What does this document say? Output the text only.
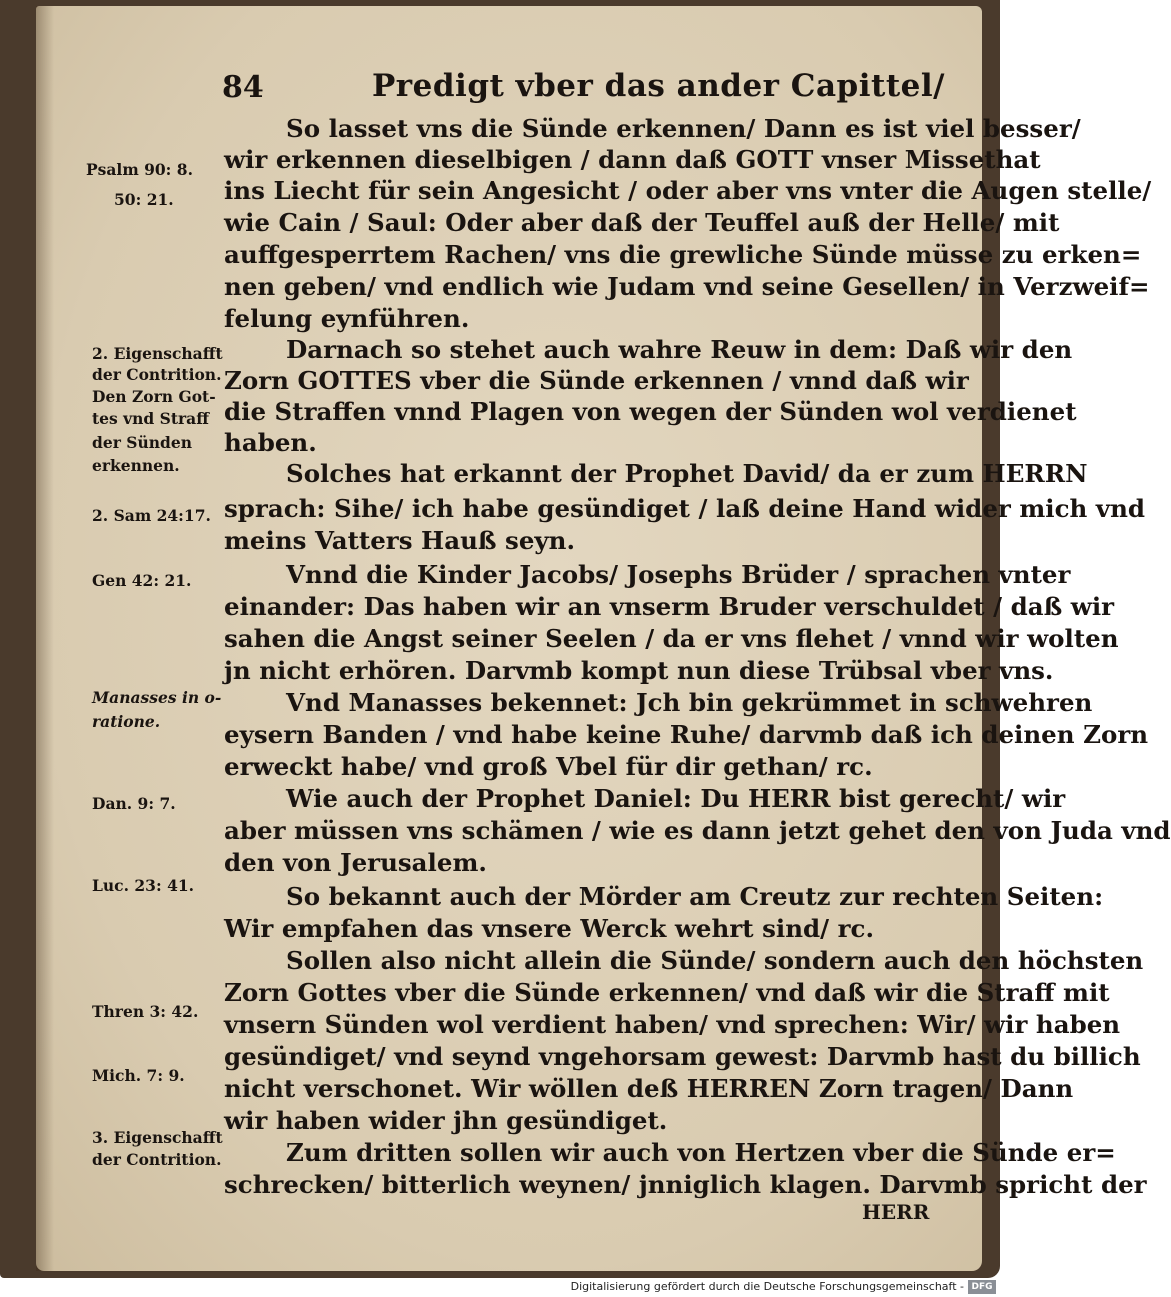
84	Predigt vber das ander Capittel/
So lasset vns die Sünde erkennen/ Dann es ist viel besser/
wir erkennen dieselbigen / dann daß GOTT vnser Missethat
ins Liecht für sein Angesicht / oder aber vns vnter die Augen stelle/
wie Cain / Saul: Oder aber daß der Teuffel auß der Helle/ mit
auffgesperrtem Rachen/ vns die grewliche Sünde müsse zu erken=
nen geben/ vnd endlich wie Judam vnd seine Gesellen/ in Verzweif=
felung eynführen.
Darnach so stehet auch wahre Reuw in dem: Daß wir den
Zorn GOTTES vber die Sünde erkennen / vnnd daß wir
die Straffen vnnd Plagen von wegen der Sünden wol verdienet
haben.
Solches hat erkannt der Prophet David/ da er zum HERRN
sprach: Sihe/ ich habe gesündiget / laß deine Hand wider mich vnd
meins Vatters Hauß seyn.
Vnnd die Kinder Jacobs/ Josephs Brüder / sprachen vnter
einander: Das haben wir an vnserm Bruder verschuldet / daß wir
sahen die Angst seiner Seelen / da er vns flehet / vnnd wir wolten
jn nicht erhören. Darvmb kompt nun diese Trübsal vber vns.
Vnd Manasses bekennet: Jch bin gekrümmet in schwehren
eysern Banden / vnd habe keine Ruhe/ darvmb daß ich deinen Zorn
erweckt habe/ vnd groß Vbel für dir gethan/ rc.
Wie auch der Prophet Daniel: Du HERR bist gerecht/ wir
aber müssen vns schämen / wie es dann jetzt gehet den von Juda vnd
den von Jerusalem.
So bekannt auch der Mörder am Creutz zur rechten Seiten:
Wir empfahen das vnsere Werck wehrt sind/ rc.
Sollen also nicht allein die Sünde/ sondern auch den höchsten
Zorn Gottes vber die Sünde erkennen/ vnd daß wir die Straff mit
vnsern Sünden wol verdient haben/ vnd sprechen: Wir/ wir haben
gesündiget/ vnd seynd vngehorsam gewest: Darvmb hast du billich
nicht verschonet. Wir wöllen deß HERREN Zorn tragen/ Dann
wir haben wider jhn gesündiget.
Zum dritten sollen wir auch von Hertzen vber die Sünde er=
schrecken/ bitterlich weynen/ jnniglich klagen. Darvmb spricht der
HERR
Psalm 90: 8.
50: 21.
2. Eigenschafft
der Contrition.
Den Zorn Got-
tes vnd Straff
der Sünden
erkennen.
2. Sam 24:17.
Gen 42: 21.
Manasses in o-
ratione.
Dan. 9: 7.
Luc. 23: 41.
Thren 3: 42.
Mich. 7: 9.
3. Eigenschafft
der Contrition.
Digitalisierung gefördert durch die Deutsche Forschungsgemeinschaft - DFG
